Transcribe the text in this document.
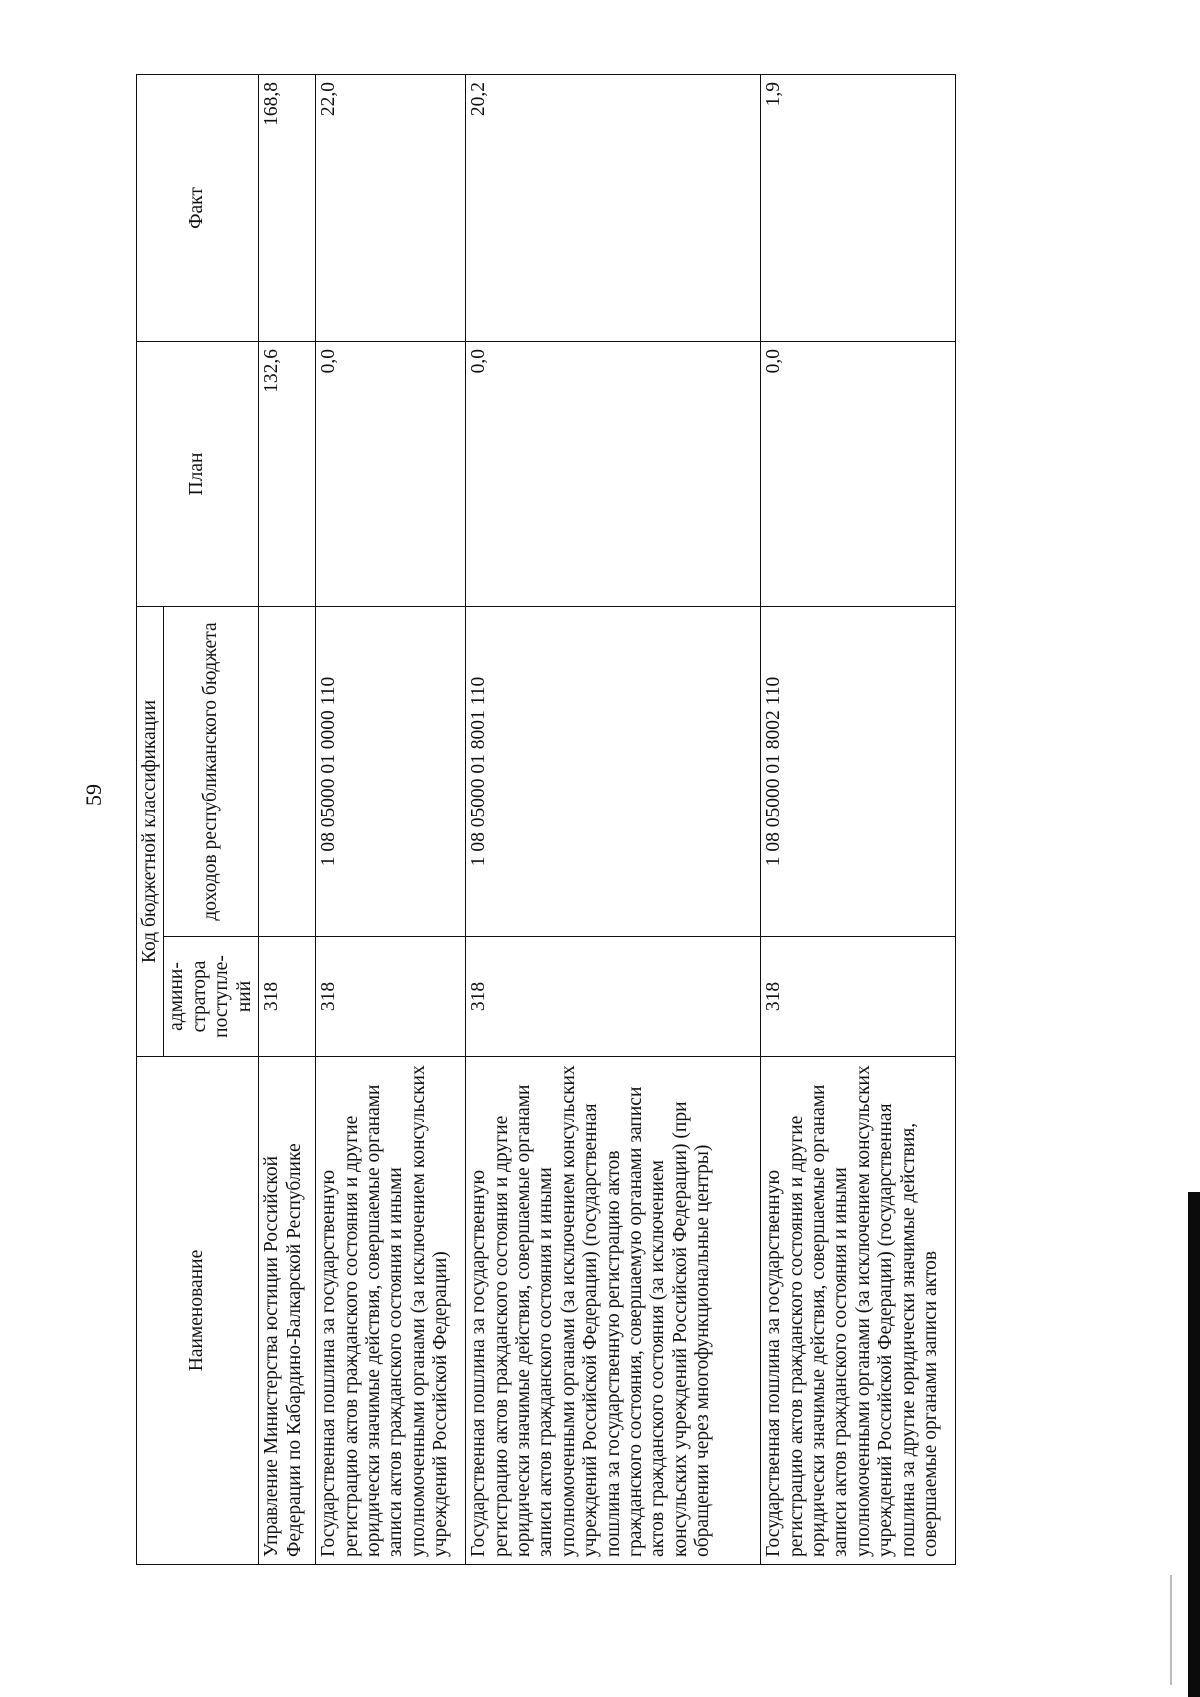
59
Наименование	Код бюджетной классификации		План	Факт
	админи-стратора поступле-ний	доходов республиканского бюджета		
Управление Министерства юстиции Российской Федерации по Кабардино-Балкарской Республике	318		132,6	168,8
Государственная пошлина за государственную регистрацию актов гражданского состояния и другие юридически значимые действия, совершаемые органами записи актов гражданского состояния и иными уполномоченными органами (за исключением консульских учреждений Российской Федерации)	318	1 08 05000 01 0000 110	0,0	22,0
Государственная пошлина за государственную регистрацию актов гражданского состояния и другие юридически значимые действия, совершаемые органами записи актов гражданского состояния и иными уполномоченными органами (за исключением консульских учреждений Российской Федерации) (государственная пошлина за государственную регистрацию актов гражданского состояния, совершаемую органами записи актов гражданского состояния (за исключением консульских учреждений Российской Федерации) (при обращении через многофункциональные центры)	318	1 08 05000 01 8001 110	0,0	20,2
Государственная пошлина за государственную регистрацию актов гражданского состояния и другие юридически значимые действия, совершаемые органами записи актов гражданского состояния и иными уполномоченными органами (за исключением консульских учреждений Российской Федерации) (государственная пошлина за другие юридически значимые действия, совершаемые органами записи актов	318	1 08 05000 01 8002 110	0,0	1,9
